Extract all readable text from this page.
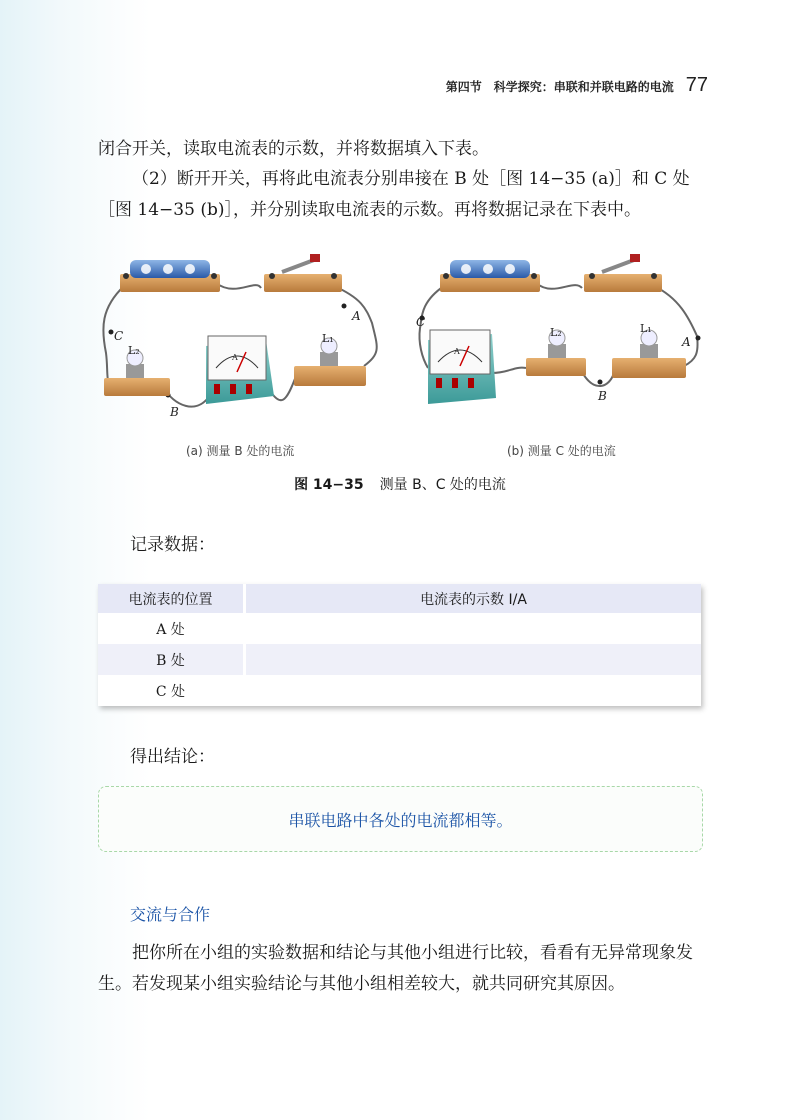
第四节　科学探究：串联和并联电路的电流 77
闭合开关，读取电流表的示数，并将数据填入下表。
（2）断开开关，再将此电流表分别串接在 B 处［图 14−35 (a)］和 C 处［图 14−35 (b)］，并分别读取电流表的示数。再将数据记录在下表中。
C
B
A
L₂
L₁
A
C
B
A
L₂	L₁
A
(a) 测量 B 处的电流	(b) 测量 C 处的电流
图 14−35 测量 B、C 处的电流
记录数据：
电流表的位置	电流表的示数 I/A
A 处	
B 处	
C 处	
得出结论：
串联电路中各处的电流都相等。
交流与合作
把你所在小组的实验数据和结论与其他小组进行比较，看看有无异常现象发生。若发现某小组实验结论与其他小组相差较大，就共同研究其原因。
